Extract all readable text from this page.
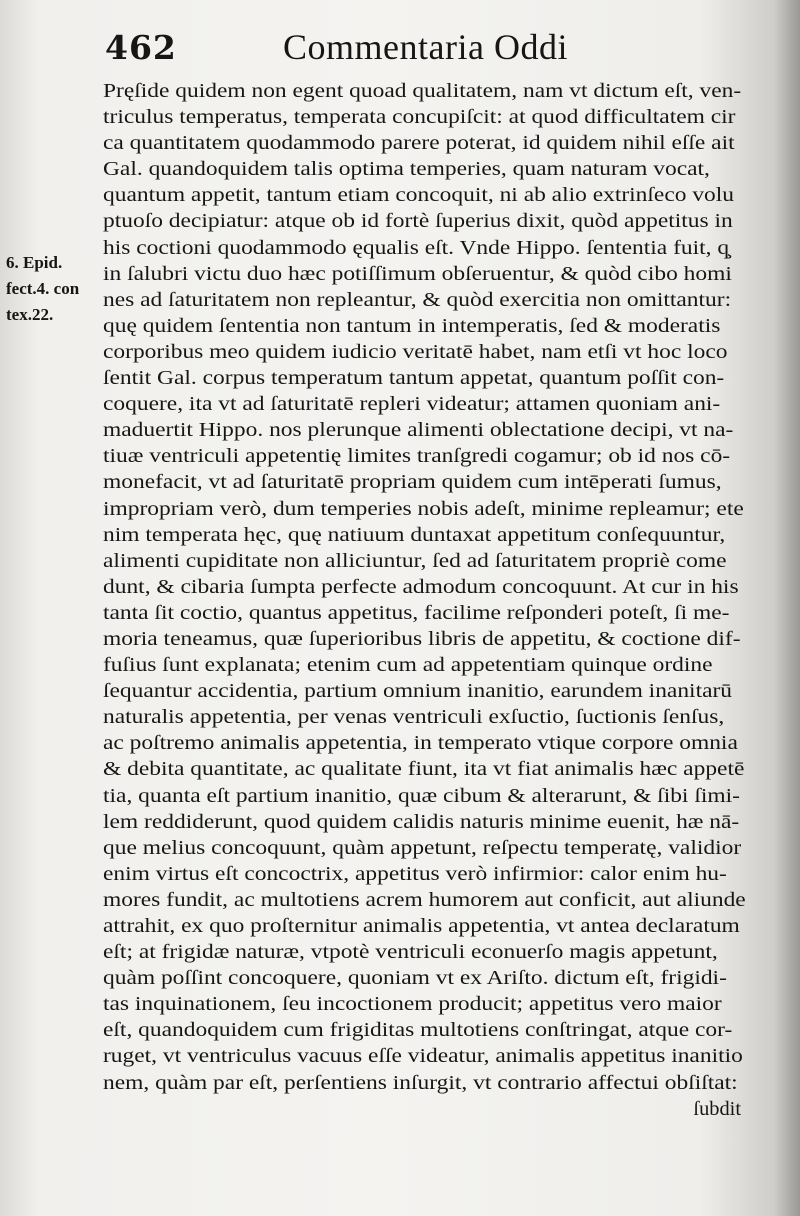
462	Commentaria Oddi
6. Epid.
fect.4. con
tex.22.
Pręſide quidem non egent quoad qualitatem, nam vt dictum eſt, ven-
triculus temperatus, temperata concupiſcit: at quod difficultatem cir
ca quantitatem quodammodo parere poterat, id quidem nihil eſſe ait
Gal. quandoquidem talis optima temperies, quam naturam vocat,
quantum appetit, tantum etiam concoquit, ni ab alio extrinſeco volu
ptuoſo decipiatur: atque ob id fortè ſuperius dixit, quòd appetitus in
his coctioni quodammodo ęqualis eſt. Vnde Hippo. ſententia fuit, q̧
in ſalubri victu duo hæc potiſſimum obſeruentur, & quòd cibo homi
nes ad ſaturitatem non repleantur, & quòd exercitia non omittantur:
quę quidem ſententia non tantum in intemperatis, ſed & moderatis
corporibus meo quidem iudicio veritatē habet, nam etſi vt hoc loco
ſentit Gal. corpus temperatum tantum appetat, quantum poſſit con-
coquere, ita vt ad ſaturitatē repleri videatur; attamen quoniam ani-
maduertit Hippo. nos plerunque alimenti oblectatione decipi, vt na-
tiuæ ventriculi appetentię limites tranſgredi cogamur; ob id nos cō-
monefacit, vt ad ſaturitatē propriam quidem cum intēperati ſumus,
impropriam verò, dum temperies nobis adeſt, minime repleamur; ete
nim temperata hęc, quę natiuum duntaxat appetitum conſequuntur,
alimenti cupiditate non alliciuntur, ſed ad ſaturitatem propriè come
dunt, & cibaria ſumpta perfecte admodum concoquunt. At cur in his
tanta ſit coctio, quantus appetitus, facilime reſponderi poteſt, ſi me-
moria teneamus, quæ ſuperioribus libris de appetitu, & coctione dif-
fuſius ſunt explanata; etenim cum ad appetentiam quinque ordine
ſequantur accidentia, partium omnium inanitio, earundem inanitarū
naturalis appetentia, per venas ventriculi exſuctio, ſuctionis ſenſus,
ac poſtremo animalis appetentia, in temperato vtique corpore omnia
& debita quantitate, ac qualitate fiunt, ita vt fiat animalis hæc appetē
tia, quanta eſt partium inanitio, quæ cibum & alterarunt, & ſibi ſimi-
lem reddiderunt, quod quidem calidis naturis minime euenit, hæ nā-
que melius concoquunt, quàm appetunt, reſpectu temperatę, validior
enim virtus eſt concoctrix, appetitus verò infirmior: calor enim hu-
mores fundit, ac multotiens acrem humorem aut conficit, aut aliunde
attrahit, ex quo proſternitur animalis appetentia, vt antea declaratum
eſt; at frigidæ naturæ, vtpotè ventriculi econuerſo magis appetunt,
quàm poſſint concoquere, quoniam vt ex Ariſto. dictum eſt, frigidi-
tas inquinationem, ſeu incoctionem producit; appetitus vero maior
eſt, quandoquidem cum frigiditas multotiens conſtringat, atque cor-
ruget, vt ventriculus vacuus eſſe videatur, animalis appetitus inanitio
nem, quàm par eſt, perſentiens inſurgit, vt contrario affectui obſiſtat:
ſubdit
